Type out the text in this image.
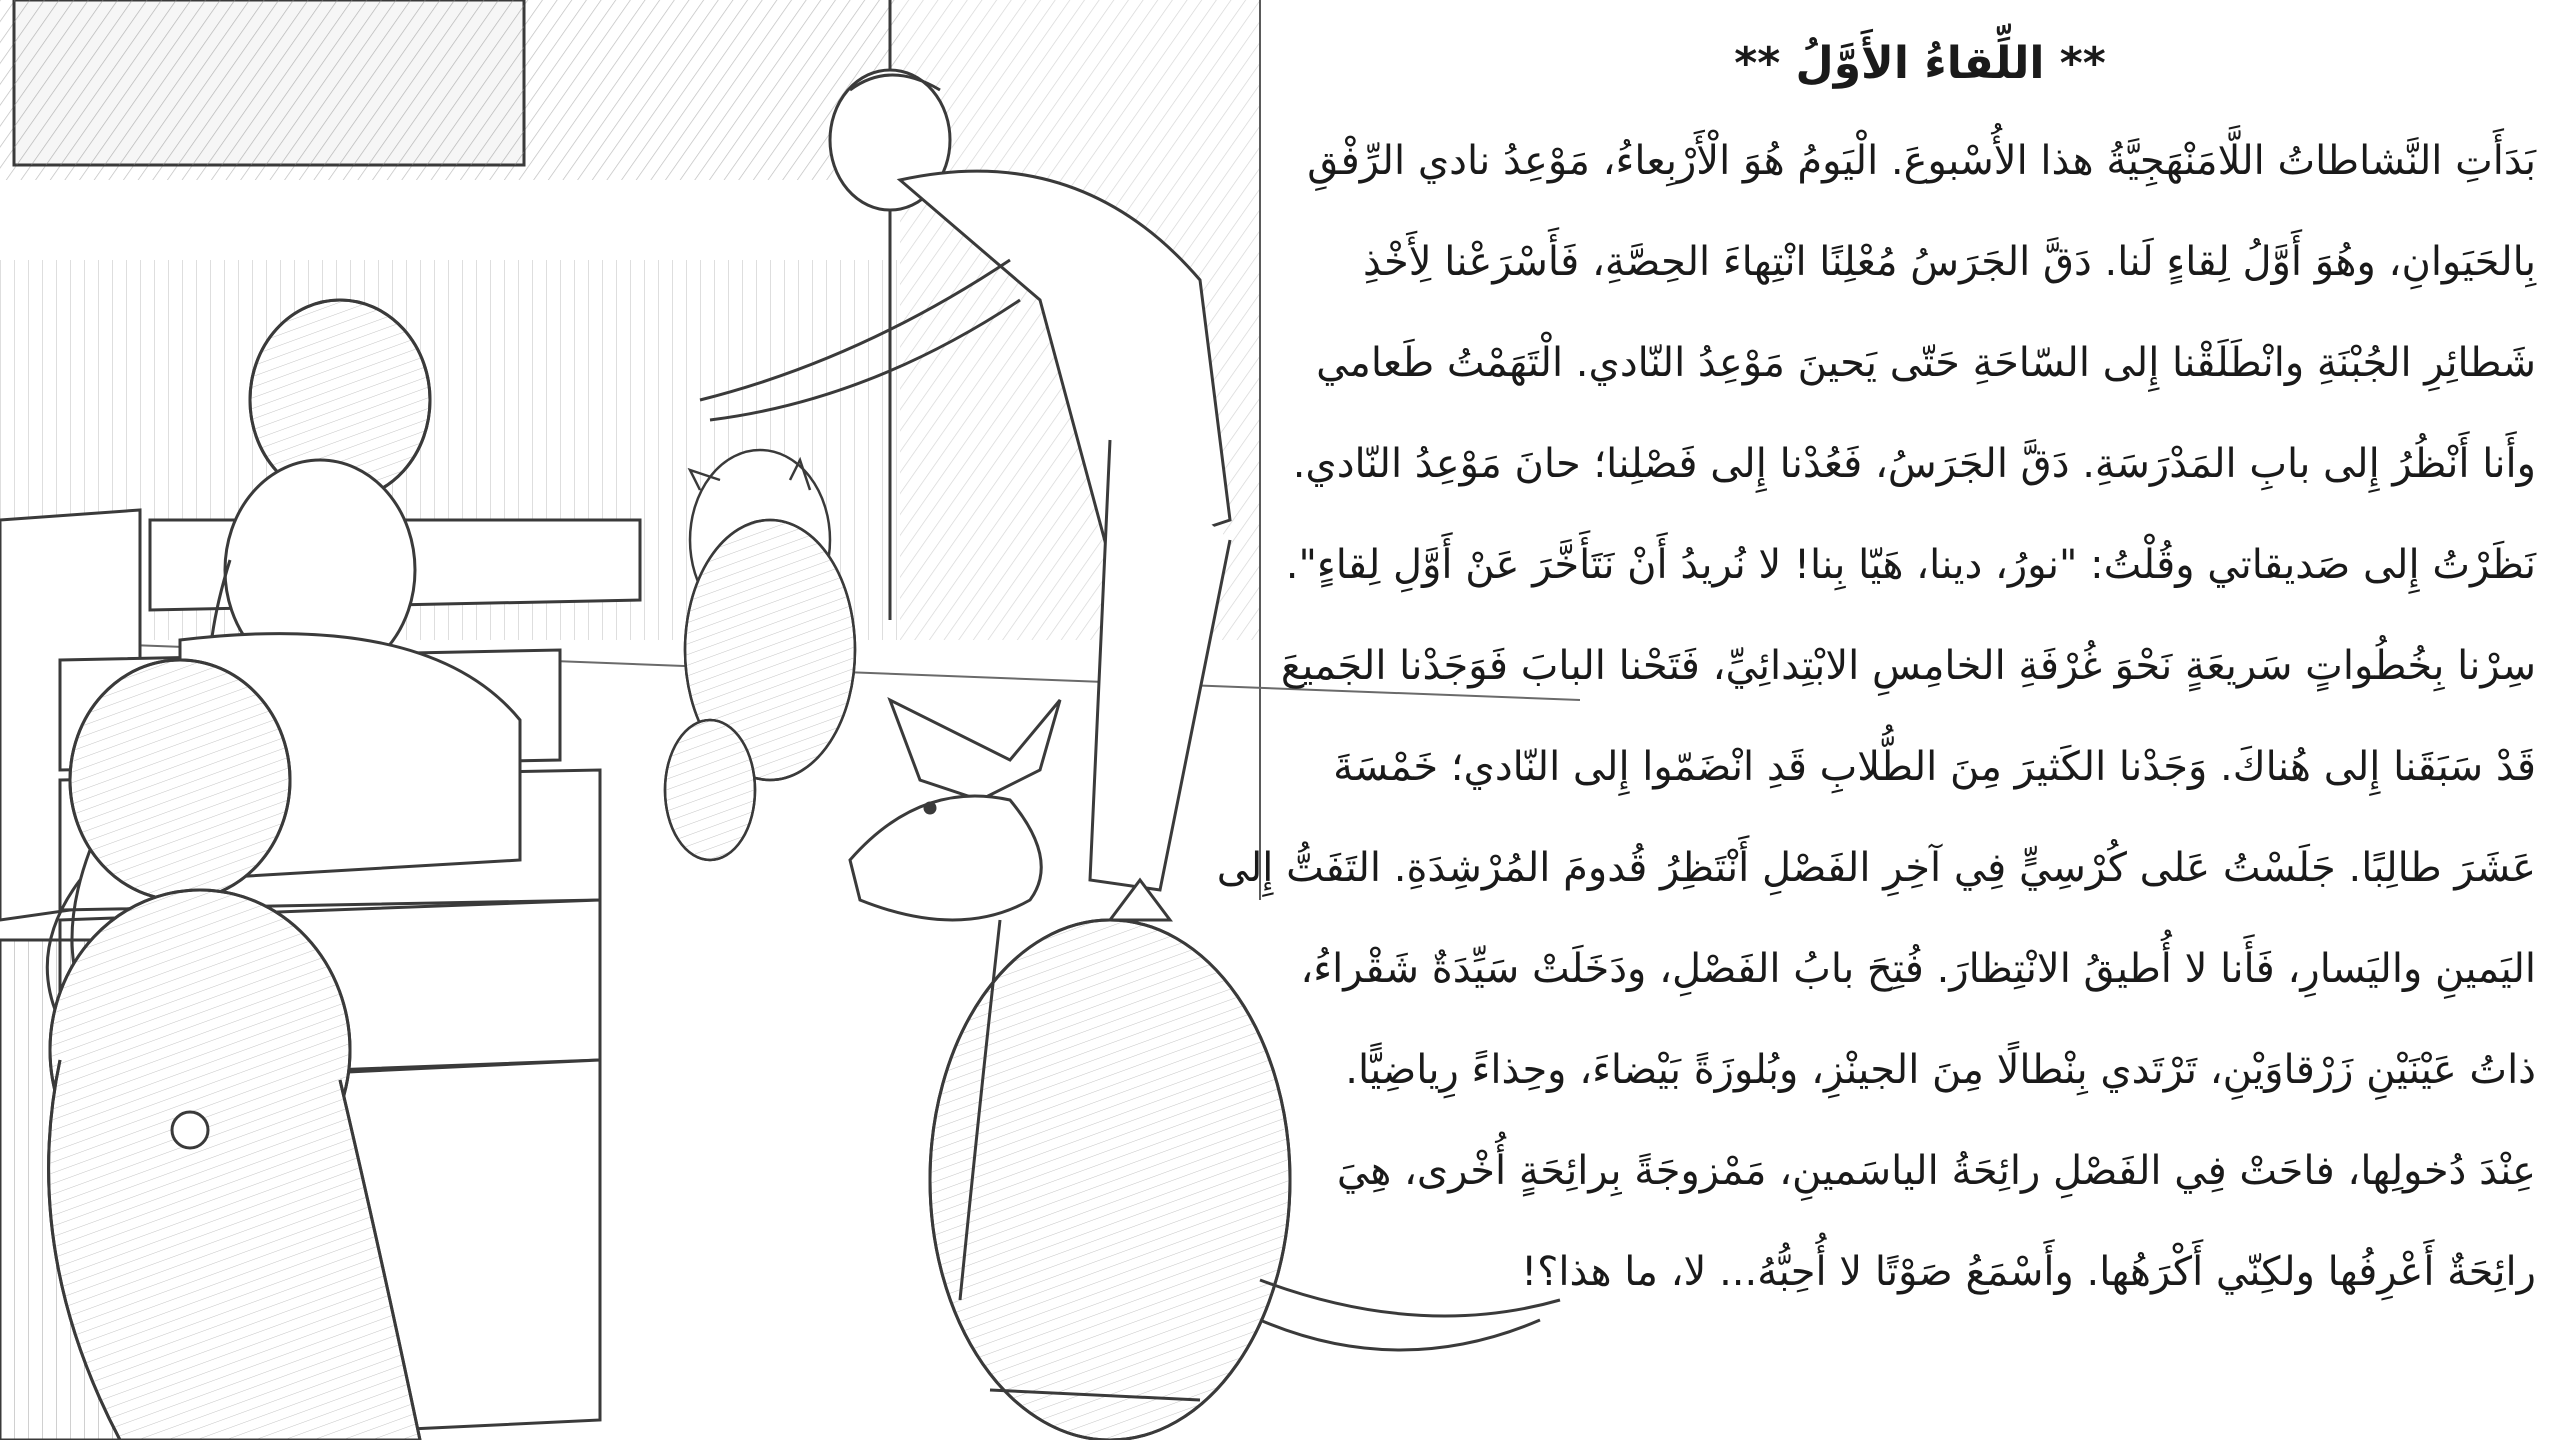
** اللِّقاءُ الأَوَّلُ **
بَدَأَتِ النَّشاطاتُ اللَّامَنْهَجِيَّةُ هذا الأُسْبوعَ. الْيَومُ هُوَ الْأَرْبِعاءُ، مَوْعِدُ نادي الرِّفْقِ
بِالحَيَوانِ، وهُوَ أَوَّلُ لِقاءٍ لَنا. دَقَّ الجَرَسُ مُعْلِنًا انْتِهاءَ الحِصَّةِ، فَأَسْرَعْنا لِأَخْذِ
شَطائِرِ الجُبْنَةِ وانْطَلَقْنا إِلى السّاحَةِ حَتّى يَحينَ مَوْعِدُ النّادي. الْتَهَمْتُ طَعامي
وأَنا أَنْظُرُ إِلى بابِ المَدْرَسَةِ. دَقَّ الجَرَسُ، فَعُدْنا إِلى فَصْلِنا؛ حانَ مَوْعِدُ النّادي.
نَظَرْتُ إِلى صَديقاتي وقُلْتُ: "نورُ، دينا، هَيّا بِنا! لا نُريدُ أَنْ نَتَأَخَّرَ عَنْ أَوَّلِ لِقاءٍ".
سِرْنا بِخُطُواتٍ سَريعَةٍ نَحْوَ غُرْفَةِ الخامِسِ الابْتِدائِيِّ، فَتَحْنا البابَ فَوَجَدْنا الجَميعَ
قَدْ سَبَقَنا إِلى هُناكَ. وَجَدْنا الكَثيرَ مِنَ الطُّلابِ قَدِ انْضَمّوا إِلى النّادي؛ خَمْسَةَ
عَشَرَ طالِبًا. جَلَسْتُ عَلى كُرْسِيٍّ فِي آخِرِ الفَصْلِ أَنْتَظِرُ قُدومَ المُرْشِدَةِ. التَفَتُّ إِلى
اليَمينِ واليَسارِ، فَأَنا لا أُطيقُ الانْتِظارَ. فُتِحَ بابُ الفَصْلِ، ودَخَلَتْ سَيِّدَةٌ شَقْراءُ،
ذاتُ عَيْنَيْنِ زَرْقاوَيْنِ، تَرْتَدي بِنْطالًا مِنَ الجينْزِ، وبُلوزَةً بَيْضاءَ، وحِذاءً رِياضِيًّا.
عِنْدَ دُخولِها، فاحَتْ فِي الفَصْلِ رائِحَةُ الياسَمينِ، مَمْزوجَةً بِرائِحَةٍ أُخْرى، هِيَ
رائِحَةٌ أَعْرِفُها ولكِنّي أَكْرَهُها. وأَسْمَعُ صَوْتًا لا أُحِبُّهُ... لا، ما هذا؟!
